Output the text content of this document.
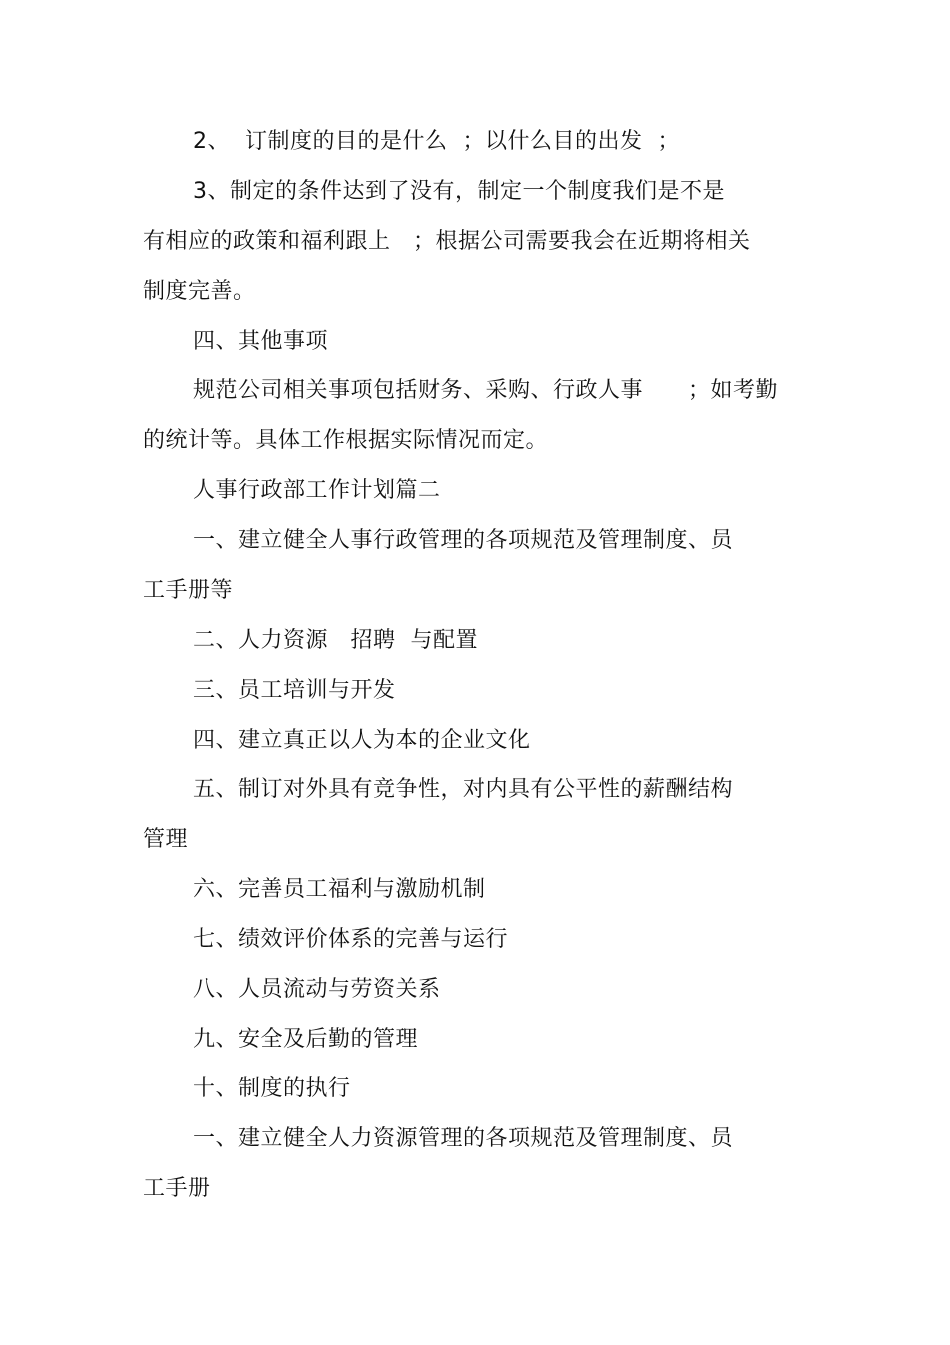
2、  订制度的目的是什么  ；以什么目的出发  ；
3、制定的条件达到了没有，制定一个制度我们是不是
有相应的政策和福利跟上   ；根据公司需要我会在近期将相关
制度完善。
四、其他事项
规范公司相关事项包括财务、采购、行政人事      ；如考勤
的统计等。具体工作根据实际情况而定。
人事行政部工作计划篇二
一、建立健全人事行政管理的各项规范及管理制度、员
工手册等
二、人力资源   招聘  与配置
三、员工培训与开发
四、建立真正以人为本的企业文化
五、制订对外具有竞争性，对内具有公平性的薪酬结构
管理
六、完善员工福利与激励机制
七、绩效评价体系的完善与运行
八、人员流动与劳资关系
九、安全及后勤的管理
十、制度的执行
一、建立健全人力资源管理的各项规范及管理制度、员
工手册
